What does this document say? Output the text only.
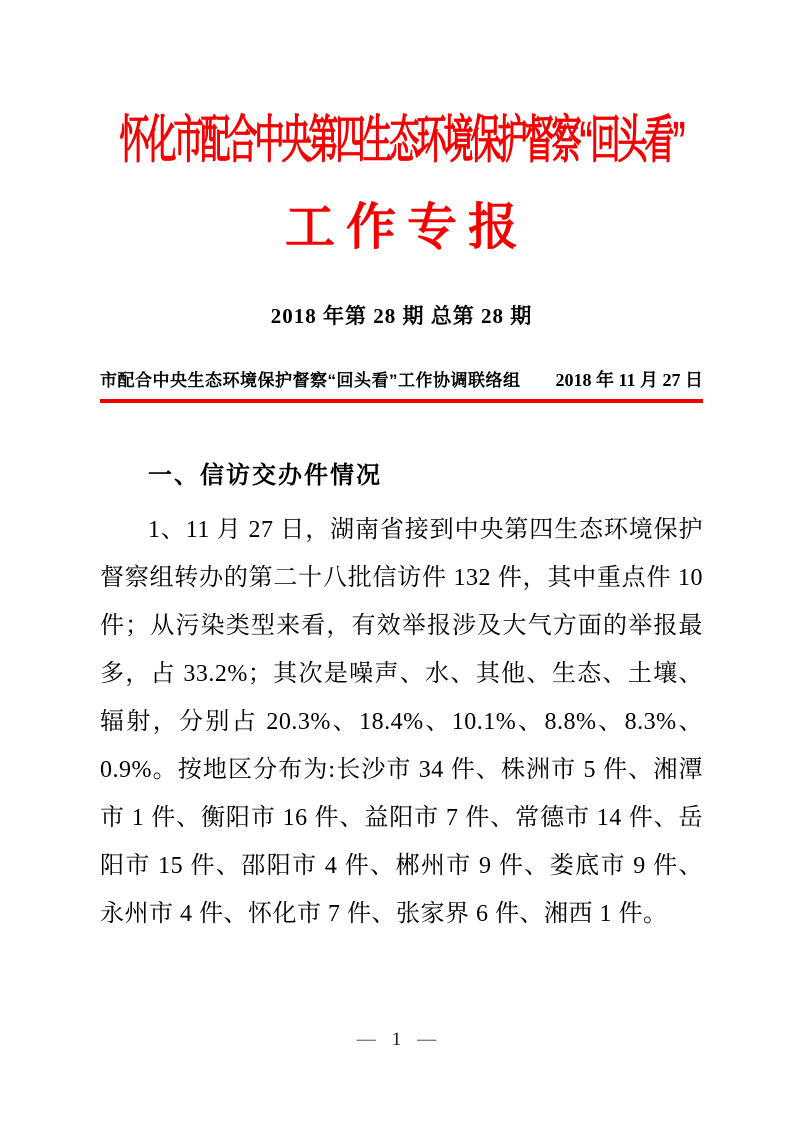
怀化市配合中央第四生态环境保护督察“回头看”
工作专报
2018 年第 28 期 总第 28 期
市配合中央生态环境保护督察“回头看”工作协调联络组 2018 年 11 月 27 日
一、信访交办件情况

1、11 月 27 日，湖南省接到中央第四生态环境保护督察组转办的第二十八批信访件 132 件，其中重点件 10 件；从污染类型来看，有效举报涉及大气方面的举报最多，占 33.2%；其次是噪声、水、其他、生态、土壤、辐射，分别占 20.3%、18.4%、10.1%、8.8%、8.3%、0.9%。按地区分布为:长沙市 34 件、株洲市 5 件、湘潭市 1 件、衡阳市 16 件、益阳市 7 件、常德市 14 件、岳阳市 15 件、邵阳市 4 件、郴州市 9 件、娄底市 9 件、永州市 4 件、怀化市 7 件、张家界 6 件、湘西 1 件。

— 1 —
